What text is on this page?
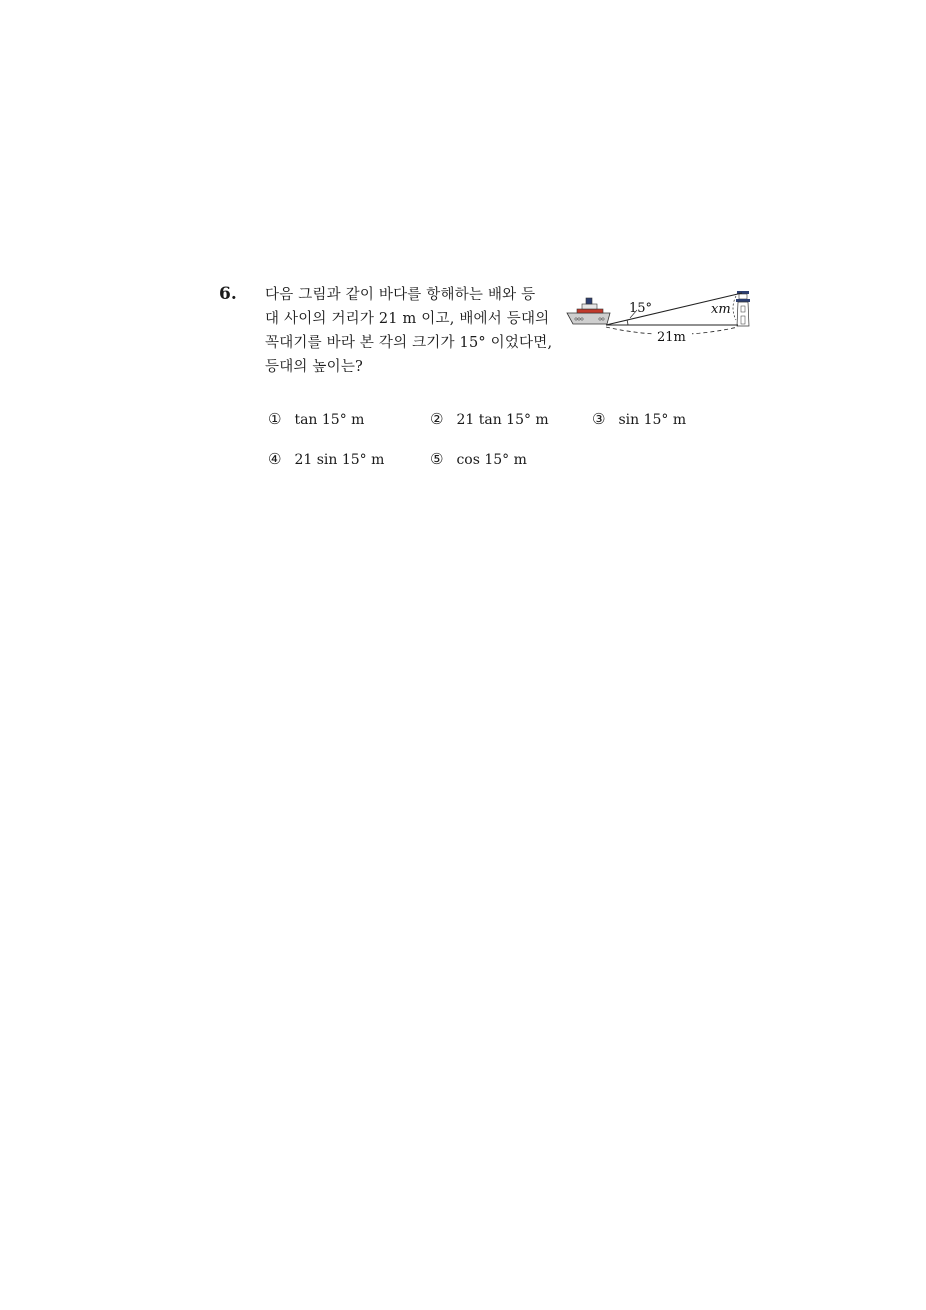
6. 다음 그림과 같이 바다를 항해하는 배와 등
대 사이의 거리가 21 m 이고, 배에서 등대의
꼭대기를 바라 본 각의 크기가 15° 이었다면,
등대의 높이는?
15°	xm
21m
① tan 15° m	② 21 tan 15° m	③ sin 15° m
④ 21 sin 15° m	⑤ cos 15° m
